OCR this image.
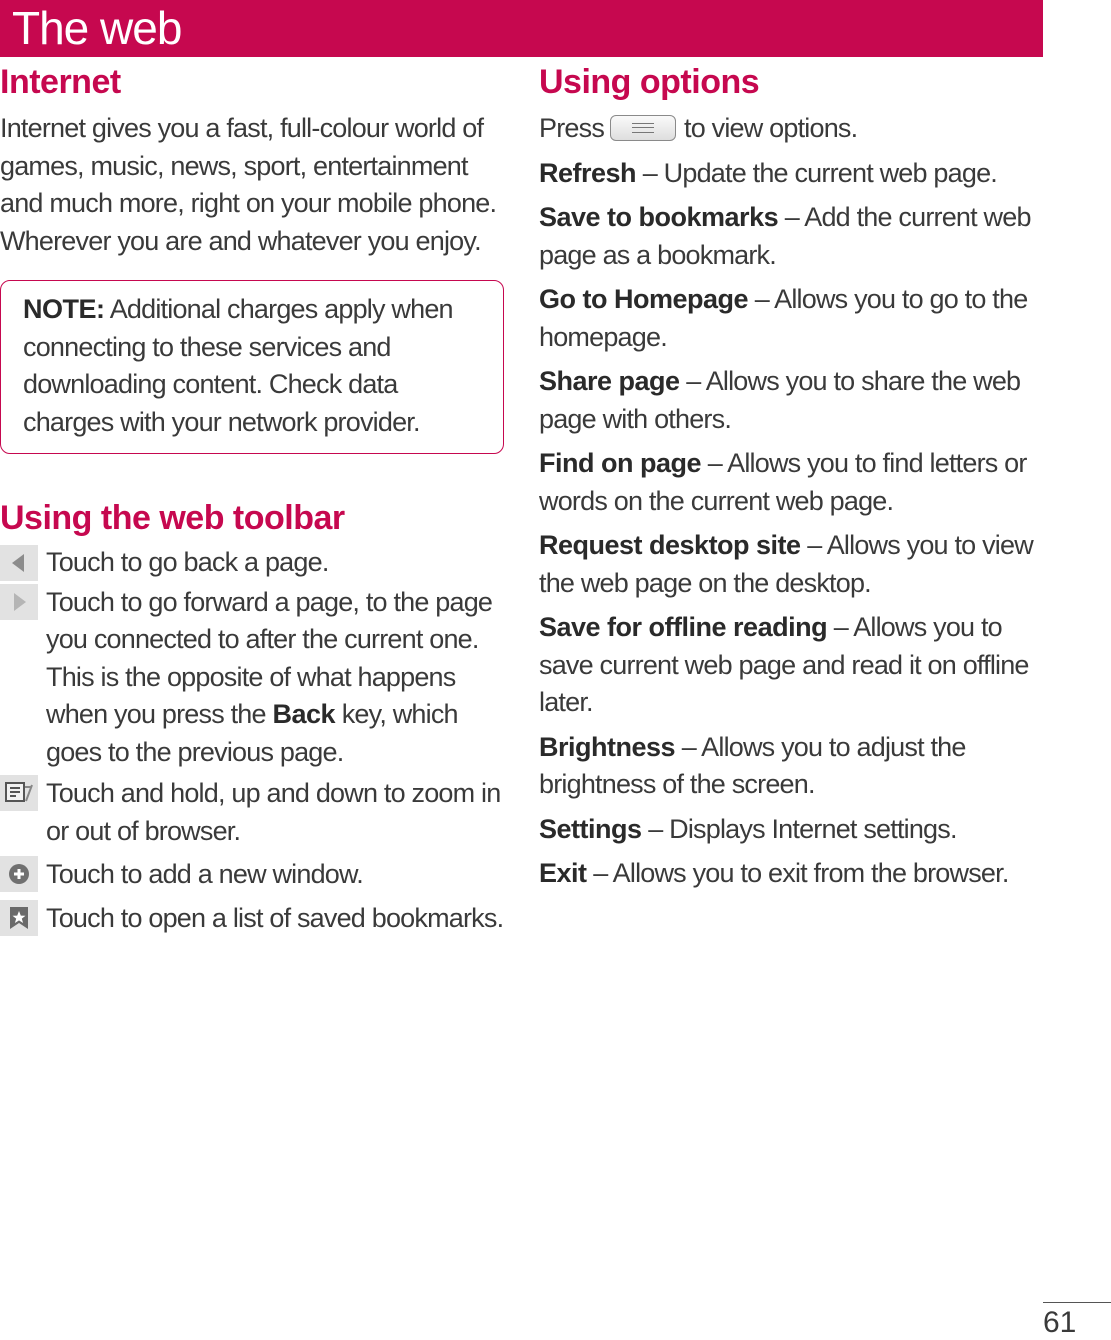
The web
Internet
Internet gives you a fast, full-colour world of
games, music, news, sport, entertainment
and much more, right on your mobile phone.
Wherever you are and whatever you enjoy.
NOTE: Additional charges apply when
connecting to these services and
downloading content. Check data
charges with your network provider.
Using the web toolbar
Touch to go back a page.
Touch to go forward a page, to the page
you connected to after the current one.
This is the opposite of what happens
when you press the Back key, which
goes to the previous page.
Touch and hold, up and down to zoom in
or out of browser.
Touch to add a new window.
Touch to open a list of saved bookmarks.
Using options
Press	to view options.
Refresh – Update the current web page.
Save to bookmarks – Add the current web
page as a bookmark.
Go to Homepage – Allows you to go to the
homepage.
Share page – Allows you to share the web
page with others.
Find on page – Allows you to find letters or
words on the current web page.
Request desktop site – Allows you to view
the web page on the desktop.
Save for offline reading – Allows you to
save current web page and read it on offline
later.
Brightness – Allows you to adjust the
brightness of the screen.
Settings – Displays Internet settings.
Exit – Allows you to exit from the browser.
61
